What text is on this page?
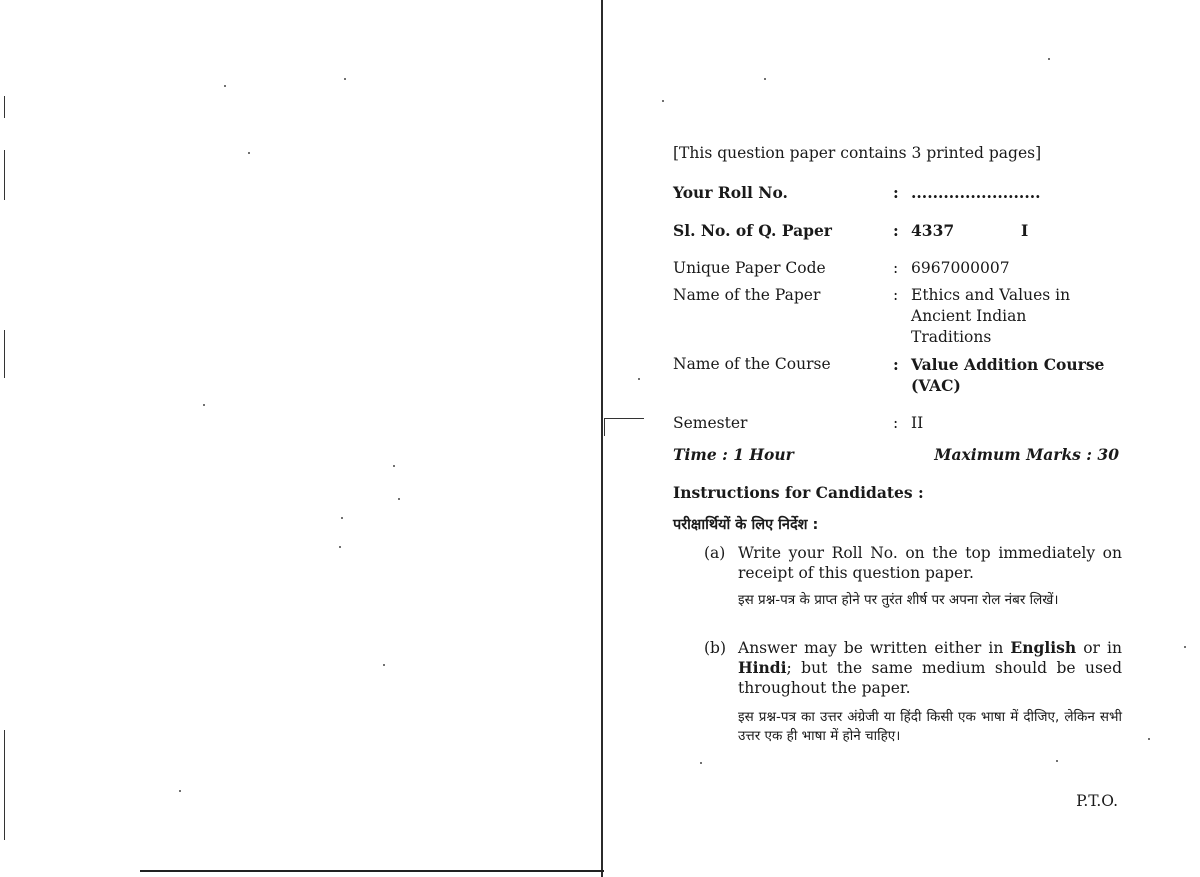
[This question paper contains 3 printed pages]
Your Roll No.	: ........................
Sl. No. of Q. Paper	: 4337	I
Unique Paper Code	: 6967000007
Name of the Paper	: Ethics and Values in Ancient Indian Traditions
Name of the Course	: Value Addition Course (VAC)
Semester	: II
Time : 1 Hour	Maximum Marks : 30
Instructions for Candidates :
परीक्षार्थियों के लिए निर्देश :
(a) Write your Roll No. on the top immediately on receipt of this question paper.
इस प्रश्न-पत्र के प्राप्त होने पर तुरंत शीर्ष पर अपना रोल नंबर लिखें।
(b) Answer may be written either in English or in Hindi; but the same medium should be used throughout the paper.
इस प्रश्न-पत्र का उत्तर अंग्रेजी या हिंदी किसी एक भाषा में दीजिए, लेकिन सभी उत्तर एक ही भाषा में होने चाहिए।
P.T.O.
